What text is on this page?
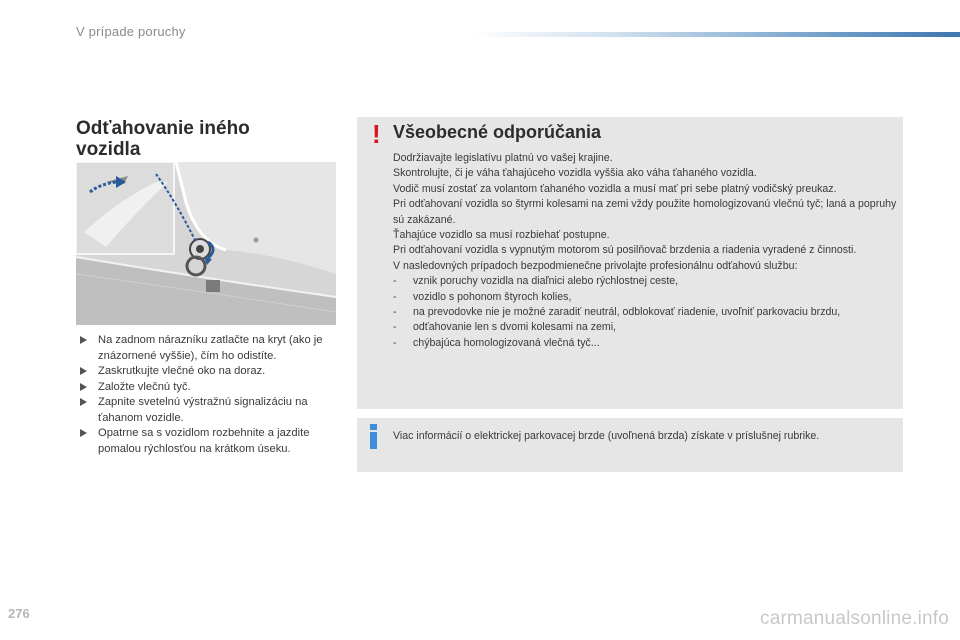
V prípade poruchy
Odťahovanie iného
vozidla
Na zadnom nárazníku zatlačte na kryt (ako je znázornené vyššie), čím ho odistíte.
Zaskrutkujte vlečné oko na doraz.
Založte vlečnú tyč.
Zapnite svetelnú výstražnú signalizáciu na ťahanom vozidle.
Opatrne sa s vozidlom rozbehnite a jazdite pomalou rýchlosťou na krátkom úseku.
! Všeobecné odporúčania

Dodržiavajte legislatívu platnú vo vašej krajine.

Skontrolujte, či je váha ťahajúceho vozidla vyššia ako váha ťahaného vozidla.

Vodič musí zostať za volantom ťahaného vozidla a musí mať pri sebe platný vodičský preukaz.

Pri odťahovaní vozidla so štyrmi kolesami na zemi vždy použite homologizovanú vlečnú tyč; laná a popruhy sú zakázané.

Ťahajúce vozidlo sa musí rozbiehať postupne.

Pri odťahovaní vozidla s vypnutým motorom sú posilňovač brzdenia a riadenia vyradené z činnosti.

V nasledovných prípadoch bezpodmienečne privolajte profesionálnu odťahovú službu:

- vznik poruchy vozidla na diaľnici alebo rýchlostnej ceste,
- vozidlo s pohonom štyroch kolies,
- na prevodovke nie je možné zaradiť neutrál, odblokovať riadenie, uvoľniť parkovaciu brzdu,
- odťahovanie len s dvomi kolesami na zemi,
- chýbajúca homologizovaná vlečná tyč...
Viac informácií o elektrickej parkovacej brzde (uvoľnená brzda) získate v príslušnej rubrike.
276	carmanualsonline.info
